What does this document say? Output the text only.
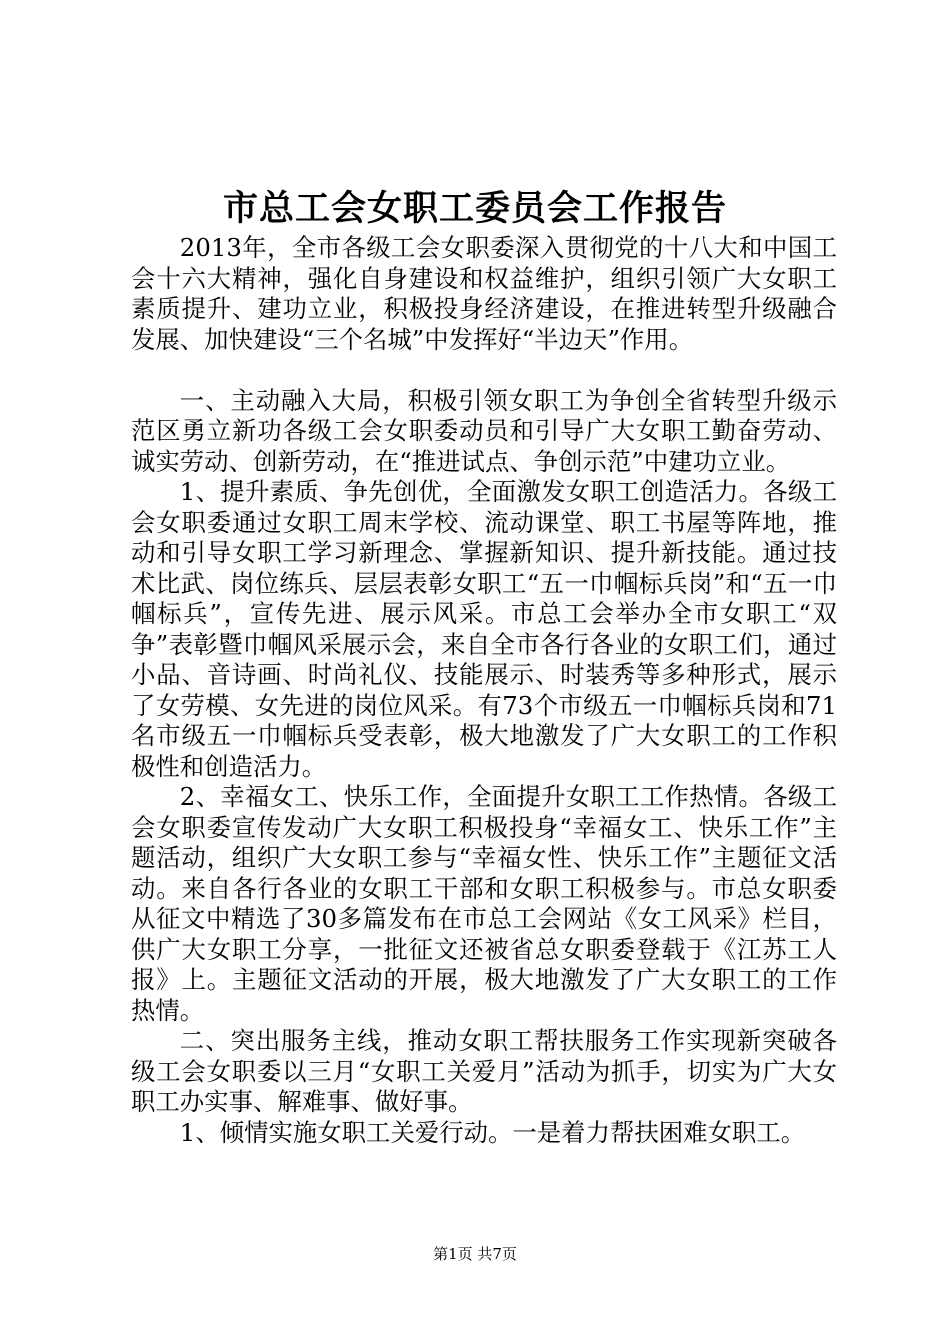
市总工会女职工委员会工作报告

2013年，全市各级工会女职委深入贯彻党的十八大和中国工会十六大精神，强化自身建设和权益维护，组织引领广大女职工素质提升、建功立业，积极投身经济建设，在推进转型升级融合发展、加快建设“三个名城”中发挥好“半边天”作用。

一、主动融入大局，积极引领女职工为争创全省转型升级示范区勇立新功各级工会女职委动员和引导广大女职工勤奋劳动、诚实劳动、创新劳动，在“推进试点、争创示范”中建功立业。

1、提升素质、争先创优，全面激发女职工创造活力。各级工会女职委通过女职工周末学校、流动课堂、职工书屋等阵地，推动和引导女职工学习新理念、掌握新知识、提升新技能。通过技术比武、岗位练兵、层层表彰女职工“五一巾帼标兵岗”和“五一巾帼标兵”，宣传先进、展示风采。市总工会举办全市女职工“双争”表彰暨巾帼风采展示会，来自全市各行各业的女职工们，通过小品、音诗画、时尚礼仪、技能展示、时装秀等多种形式，展示了女劳模、女先进的岗位风采。有73个市级五一巾帼标兵岗和71名市级五一巾帼标兵受表彰，极大地激发了广大女职工的工作积极性和创造活力。

2、幸福女工、快乐工作，全面提升女职工工作热情。各级工会女职委宣传发动广大女职工积极投身“幸福女工、快乐工作”主题活动，组织广大女职工参与“幸福女性、快乐工作”主题征文活动。来自各行各业的女职工干部和女职工积极参与。市总女职委从征文中精选了30多篇发布在市总工会网站《女工风采》栏目，供广大女职工分享，一批征文还被省总女职委登载于《江苏工人报》上。主题征文活动的开展，极大地激发了广大女职工的工作热情。

二、突出服务主线，推动女职工帮扶服务工作实现新突破各级工会女职委以三月“女职工关爱月”活动为抓手，切实为广大女职工办实事、解难事、做好事。

1、倾情实施女职工关爱行动。一是着力帮扶困难女职工。

第1页 共7页
